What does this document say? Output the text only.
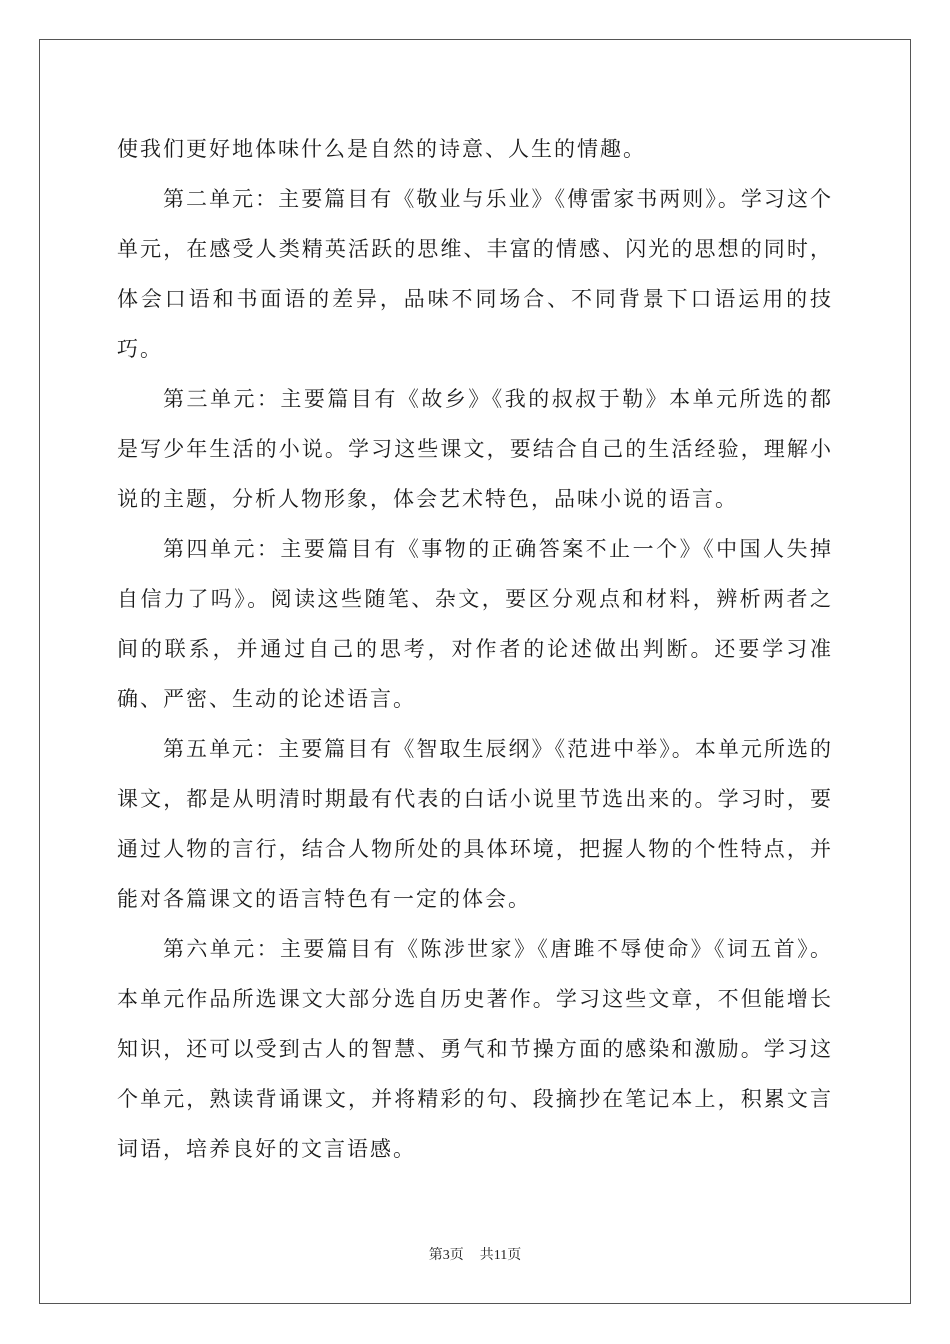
使我们更好地体味什么是自然的诗意、人生的情趣。

第二单元：主要篇目有《敬业与乐业》《傅雷家书两则》。学习这个单元，在感受人类精英活跃的思维、丰富的情感、闪光的思想的同时，体会口语和书面语的差异，品味不同场合、不同背景下口语运用的技巧。

第三单元：主要篇目有《故乡》《我的叔叔于勒》本单元所选的都是写少年生活的小说。学习这些课文，要结合自己的生活经验，理解小说的主题，分析人物形象，体会艺术特色，品味小说的语言。

第四单元：主要篇目有《事物的正确答案不止一个》《中国人失掉自信力了吗》。阅读这些随笔、杂文，要区分观点和材料，辨析两者之间的联系，并通过自己的思考，对作者的论述做出判断。还要学习准确、严密、生动的论述语言。

第五单元：主要篇目有《智取生辰纲》《范进中举》。本单元所选的课文，都是从明清时期最有代表的白话小说里节选出来的。学习时，要通过人物的言行，结合人物所处的具体环境，把握人物的个性特点，并能对各篇课文的语言特色有一定的体会。

第六单元：主要篇目有《陈涉世家》《唐雎不辱使命》《词五首》。本单元作品所选课文大部分选自历史著作。学习这些文章，不但能增长知识，还可以受到古人的智慧、勇气和节操方面的感染和激励。学习这个单元，熟读背诵课文，并将精彩的句、段摘抄在笔记本上，积累文言词语，培养良好的文言语感。

第3页 共11页
